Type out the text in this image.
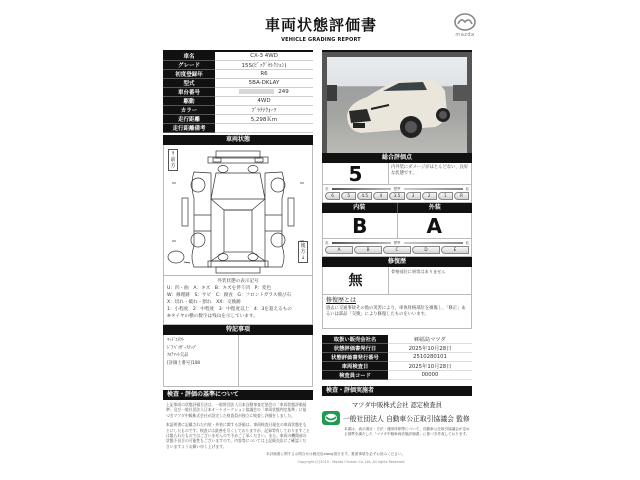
車両状態評価書
VEHICLE GRADING REPORT
mazda
車名	CX-3 4WD
グレード	15S(ﾋﾞｯｸﾞｾﾚｸｼｮﾝ)
初度登録年	R6
型式	5BA-DKLAY
車台番号	249
駆動	4WD
カラー	ﾌﾟﾗﾁﾅｸｫｰﾂ
走行距離	5,298Ｋm
走行距離備考	
車両状態
↑前方
後方↓
外装状態の表示記号
U：凹・曲　A：キズ　B：キズを伴う凹　P：変色
W：修理跡　S：サビ　C：腐食　G：フロントガラス飛び石
X：切れ・破れ・割れ　XX：交換跡
1：小程度　2：中程度　3：中程度以上　4：3を超えるもの
※タイヤの横の数字は残山を示しています。
特記事項
ﾏｯﾄﾞｴﾈｸﾄ
ﾄﾞｱﾊﾞｲｻﾞｰｽﾃｯﾌﾟ
ﾌﾛｱﾏｯﾄ欠品
[評価士番号]108
検査・評価の基準について

上記車両の状態評価方法は、一般財団法人日本自動車査定協会の「車両状態評価基準」及び一般社団法人日本オートオークション協議会の「車両状態判定基準」に基づきマツダ中販株式会社が設定した検査員が独立に検査し評価をしました。

本証明書に記載された内装・外装に関する評価は、車両検査日現在の車両状態をもとにしたものです。検査には最善を尽くしておりますが、記録等有しておりますことは限られたものではございませんので予めご了承ください。また、車両の機関部の状態不具合の可能性もございますので、内容等については上記販売店にご確認くださいますようお願い申し上げます。

総合評価点
5	内外装にダメージがほとんどない、良好な状態です。
高	標準	低
6	5	4.5	4	3.5	3	2	1	R
内装	外装
B	A
高	標準	低
A	B	C	D	E
修復歴
無
骨格部位に異常はありません
修復歴とは
過去に交通事故その他の災害により、車体骨格部位を損傷し、「修正」あるいは部品「交換」により修復したものをいいます。
取扱い販売会社名	㈱福島マツダ
状態評価書発行日	2025年10月28日
状態評価書発行番号	2510280101
車両検査日	2025年10月28日
検査員コード	00000
検査・評価実施者
マツダ中販株式会社 認定検査員
一般社団法人 自動車公正取引協議会 監修
本書は、表示項目・方法・運用体制等について、自動車公正取引協議会が定める基準を満たした「マツダ中販車両状態評価書」に基づき作成しております。
本評価書に関するお問合せは販売店along頂きます。裏面事項を必ずお読みください。
Copyright (C)2019 - Mazda Chuhan Co. Ltd. All rights Reserved
